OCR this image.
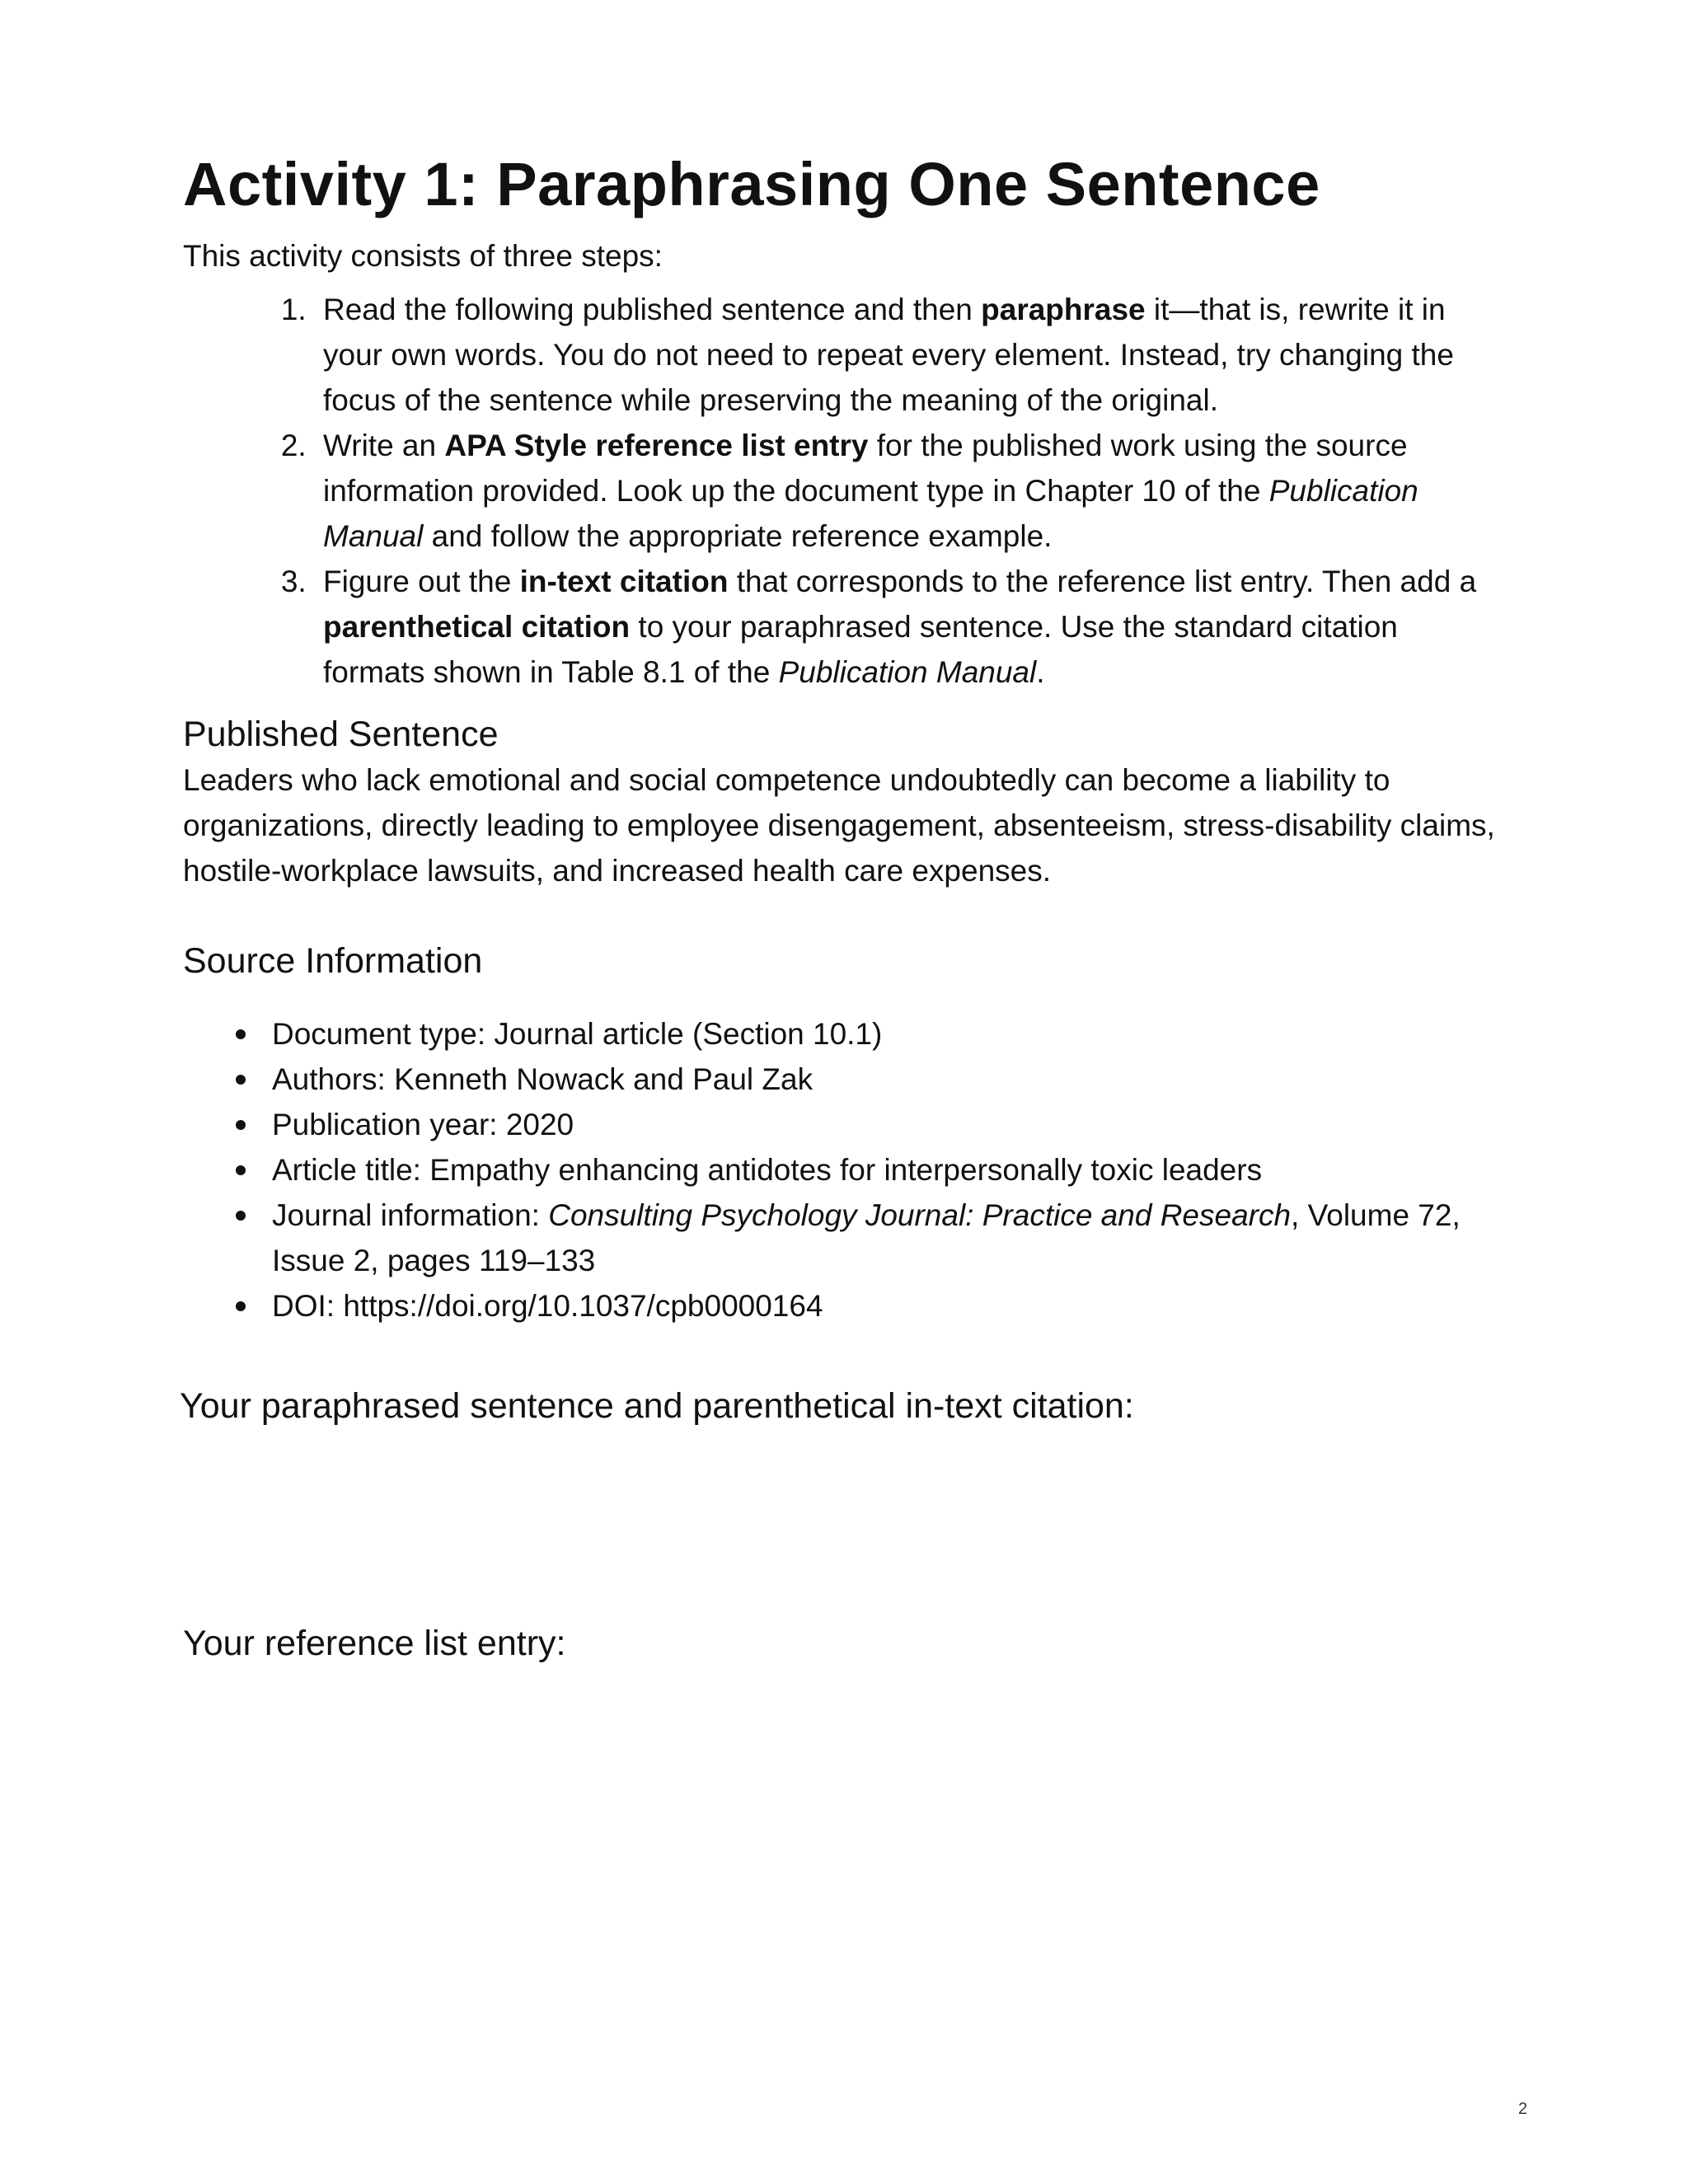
Activity 1: Paraphrasing One Sentence

This activity consists of three steps:

1. Read the following published sentence and then paraphrase it—that is, rewrite it in your own words. You do not need to repeat every element. Instead, try changing the focus of the sentence while preserving the meaning of the original.
2. Write an APA Style reference list entry for the published work using the source information provided. Look up the document type in Chapter 10 of the Publication Manual and follow the appropriate reference example.
3. Figure out the in-text citation that corresponds to the reference list entry. Then add a parenthetical citation to your paraphrased sentence. Use the standard citation formats shown in Table 8.1 of the Publication Manual.
Published Sentence

Leaders who lack emotional and social competence undoubtedly can become a liability to organizations, directly leading to employee disengagement, absenteeism, stress-disability claims, hostile-workplace lawsuits, and increased health care expenses.

Source Information
Document type: Journal article (Section 10.1)
Authors: Kenneth Nowack and Paul Zak
Publication year: 2020
Article title: Empathy enhancing antidotes for interpersonally toxic leaders
Journal information: Consulting Psychology Journal: Practice and Research, Volume 72, Issue 2, pages 119–133
DOI: https://doi.org/10.1037/cpb0000164
Your paraphrased sentence and parenthetical in-text citation:
Your reference list entry:
2
